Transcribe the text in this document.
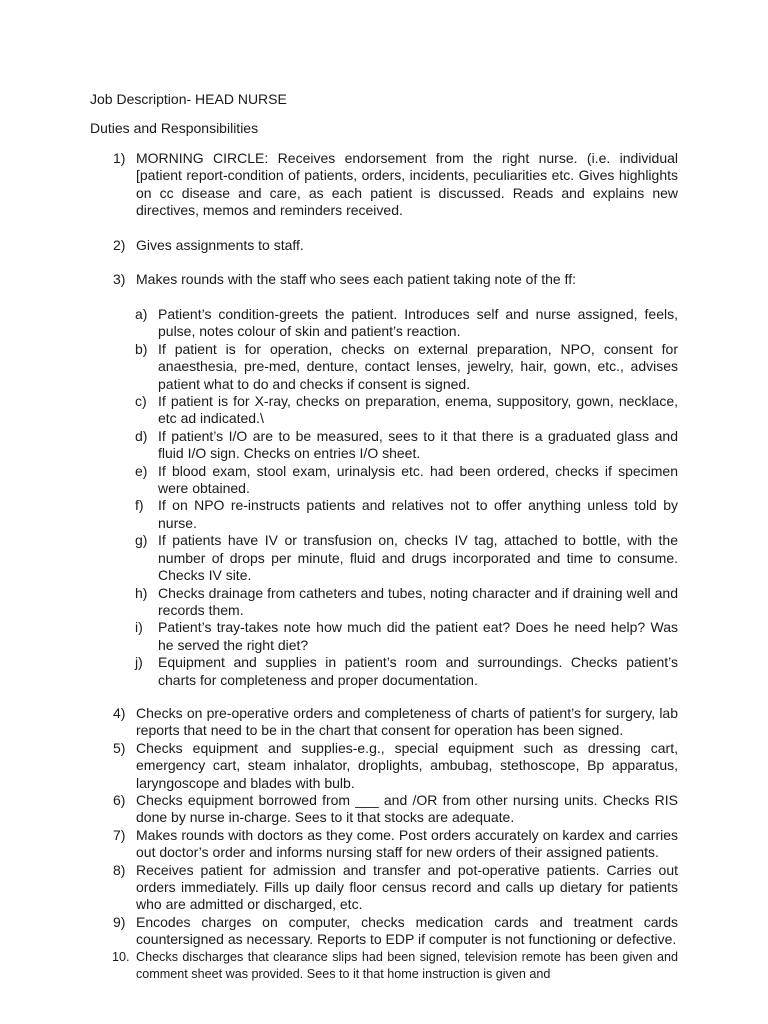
Job Description- HEAD NURSE
Duties and Responsibilities
1) MORNING CIRCLE: Receives endorsement from the right nurse. (i.e. individual [patient report-condition of patients, orders, incidents, peculiarities etc. Gives highlights on cc disease and care, as each patient is discussed. Reads and explains new directives, memos and reminders received.
2) Gives assignments to staff.
3) Makes rounds with the staff who sees each patient taking note of the ff:
a) Patient’s condition-greets the patient. Introduces self and nurse assigned, feels, pulse, notes colour of skin and patient’s reaction.
b) If patient is for operation, checks on external preparation, NPO, consent for anaesthesia, pre-med, denture, contact lenses, jewelry, hair, gown, etc., advises patient what to do and checks if consent is signed.
c) If patient is for X-ray, checks on preparation, enema, suppository, gown, necklace, etc ad indicated.\
d) If patient’s I/O are to be measured, sees to it that there is a graduated glass and fluid I/O sign. Checks on entries I/O sheet.
e) If blood exam, stool exam, urinalysis etc. had been ordered, checks if specimen were obtained.
f) If on NPO re-instructs patients and relatives not to offer anything unless told by nurse.
g) If patients have IV or transfusion on, checks IV tag, attached to bottle, with the number of drops per minute, fluid and drugs incorporated and time to consume. Checks IV site.
h) Checks drainage from catheters and tubes, noting character and if draining well and records them.
i) Patient’s tray-takes note how much did the patient eat? Does he need help? Was he served the right diet?
j) Equipment and supplies in patient’s room and surroundings. Checks patient’s charts for completeness and proper documentation.
4) Checks on pre-operative orders and completeness of charts of patient’s for surgery, lab reports that need to be in the chart that consent for operation has been signed.
5) Checks equipment and supplies-e.g., special equipment such as dressing cart, emergency cart, steam inhalator, droplights, ambubag, stethoscope, Bp apparatus, laryngoscope and blades with bulb.
6) Checks equipment borrowed from ___ and /OR from other nursing units. Checks RIS done by nurse in-charge. Sees to it that stocks are adequate.
7) Makes rounds with doctors as they come. Post orders accurately on kardex and carries out doctor’s order and informs nursing staff for new orders of their assigned patients.
8) Receives patient for admission and transfer and pot-operative patients. Carries out orders immediately. Fills up daily floor census record and calls up dietary for patients who are admitted or discharged, etc.
9) Encodes charges on computer, checks medication cards and treatment cards countersigned as necessary. Reports to EDP if computer is not functioning or defective.
10. Checks discharges that clearance slips had been signed, television remote has been given and comment sheet was provided. Sees to it that home instruction is given and
